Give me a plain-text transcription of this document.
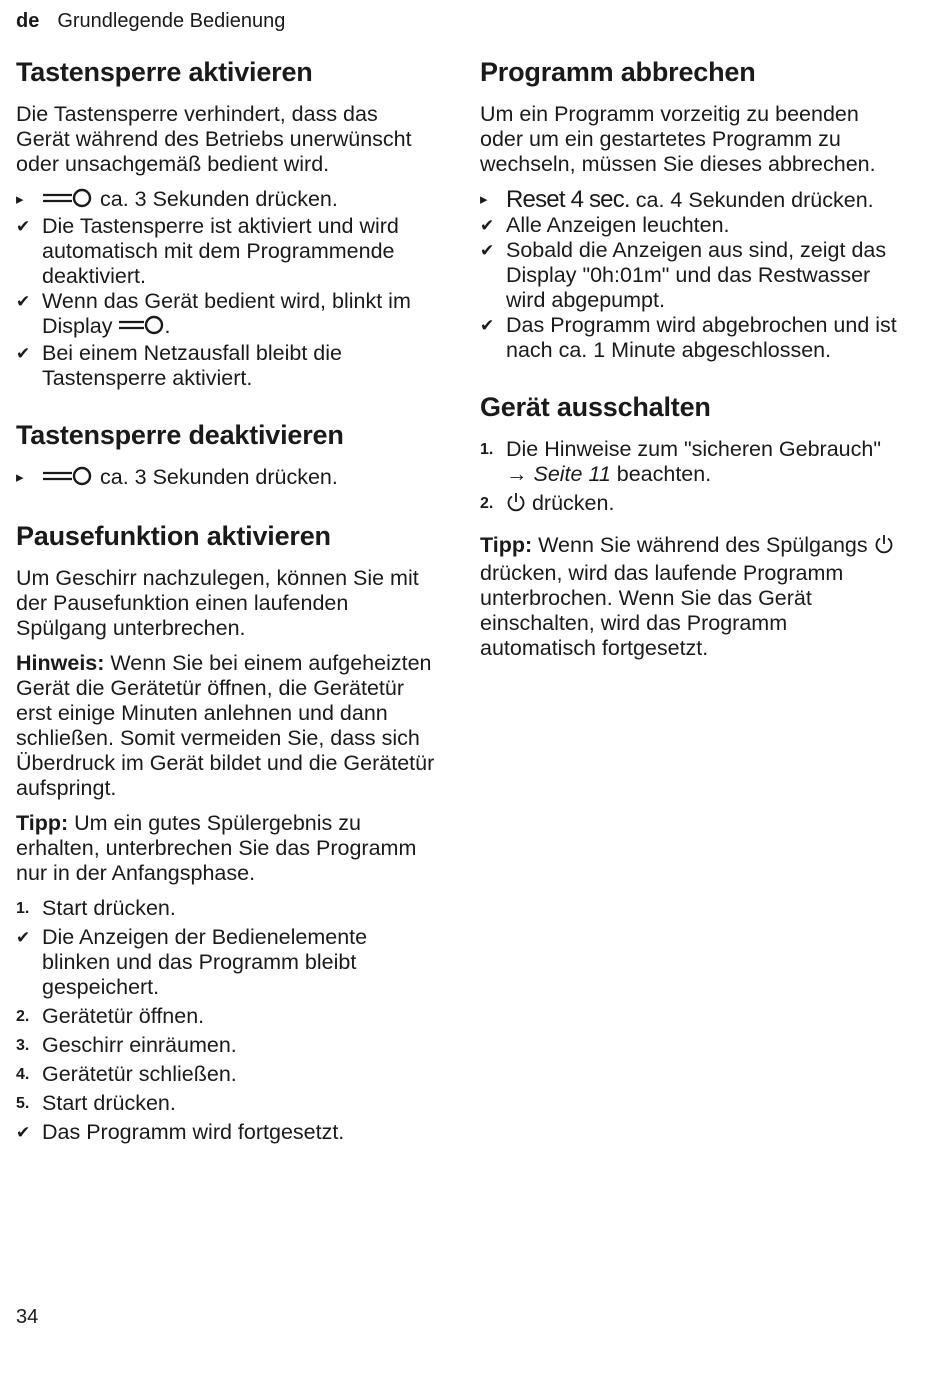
de Grundlegende Bedienung
Tastensperre aktivieren

Die Tastensperre verhindert, dass das Gerät während des Betriebs unerwünscht oder unsachgemäß bedient wird.

▸	ca. 3 Sekunden drücken.
✔ Die Tastensperre ist aktiviert und wird automatisch mit dem Programmende deaktiviert.
✔ Wenn das Gerät bedient wird, blinkt im Display .
✔ Bei einem Netzausfall bleibt die Tastensperre aktiviert.
Tastensperre deaktivieren
▸	ca. 3 Sekunden drücken.
Pausefunktion aktivieren

Um Geschirr nachzulegen, können Sie mit der Pausefunktion einen laufenden Spülgang unterbrechen.

Hinweis: Wenn Sie bei einem aufgeheizten Gerät die Gerätetür öffnen, die Gerätetür erst einige Minuten anlehnen und dann schließen. Somit vermeiden Sie, dass sich Überdruck im Gerät bildet und die Gerätetür aufspringt.

Tipp: Um ein gutes Spülergebnis zu erhalten, unterbrechen Sie das Programm nur in der Anfangsphase.

1. Start drücken.
✔ Die Anzeigen der Bedienelemente blinken und das Programm bleibt gespeichert.
2. Gerätetür öffnen.
3. Geschirr einräumen.
4. Gerätetür schließen.
5. Start drücken.
✔ Das Programm wird fortgesetzt.
Programm abbrechen

Um ein Programm vorzeitig zu beenden oder um ein gestartetes Programm zu wechseln, müssen Sie dieses abbrechen.

▸ Reset 4 sec. ca. 4 Sekunden drücken.
✔ Alle Anzeigen leuchten.
✔ Sobald die Anzeigen aus sind, zeigt das Display "0h:01m" und das Restwasser wird abgepumpt.
✔ Das Programm wird abgebrochen und ist nach ca. 1 Minute abgeschlossen.
Gerät ausschalten
1. Die Hinweise zum "sicheren Gebrauch" → Seite 11 beachten.
2.	drücken.

Tipp: Wenn Sie während des Spülgangs  drücken, wird das laufende Programm unterbrochen. Wenn Sie das Gerät einschalten, wird das Programm automatisch fortgesetzt.

34
